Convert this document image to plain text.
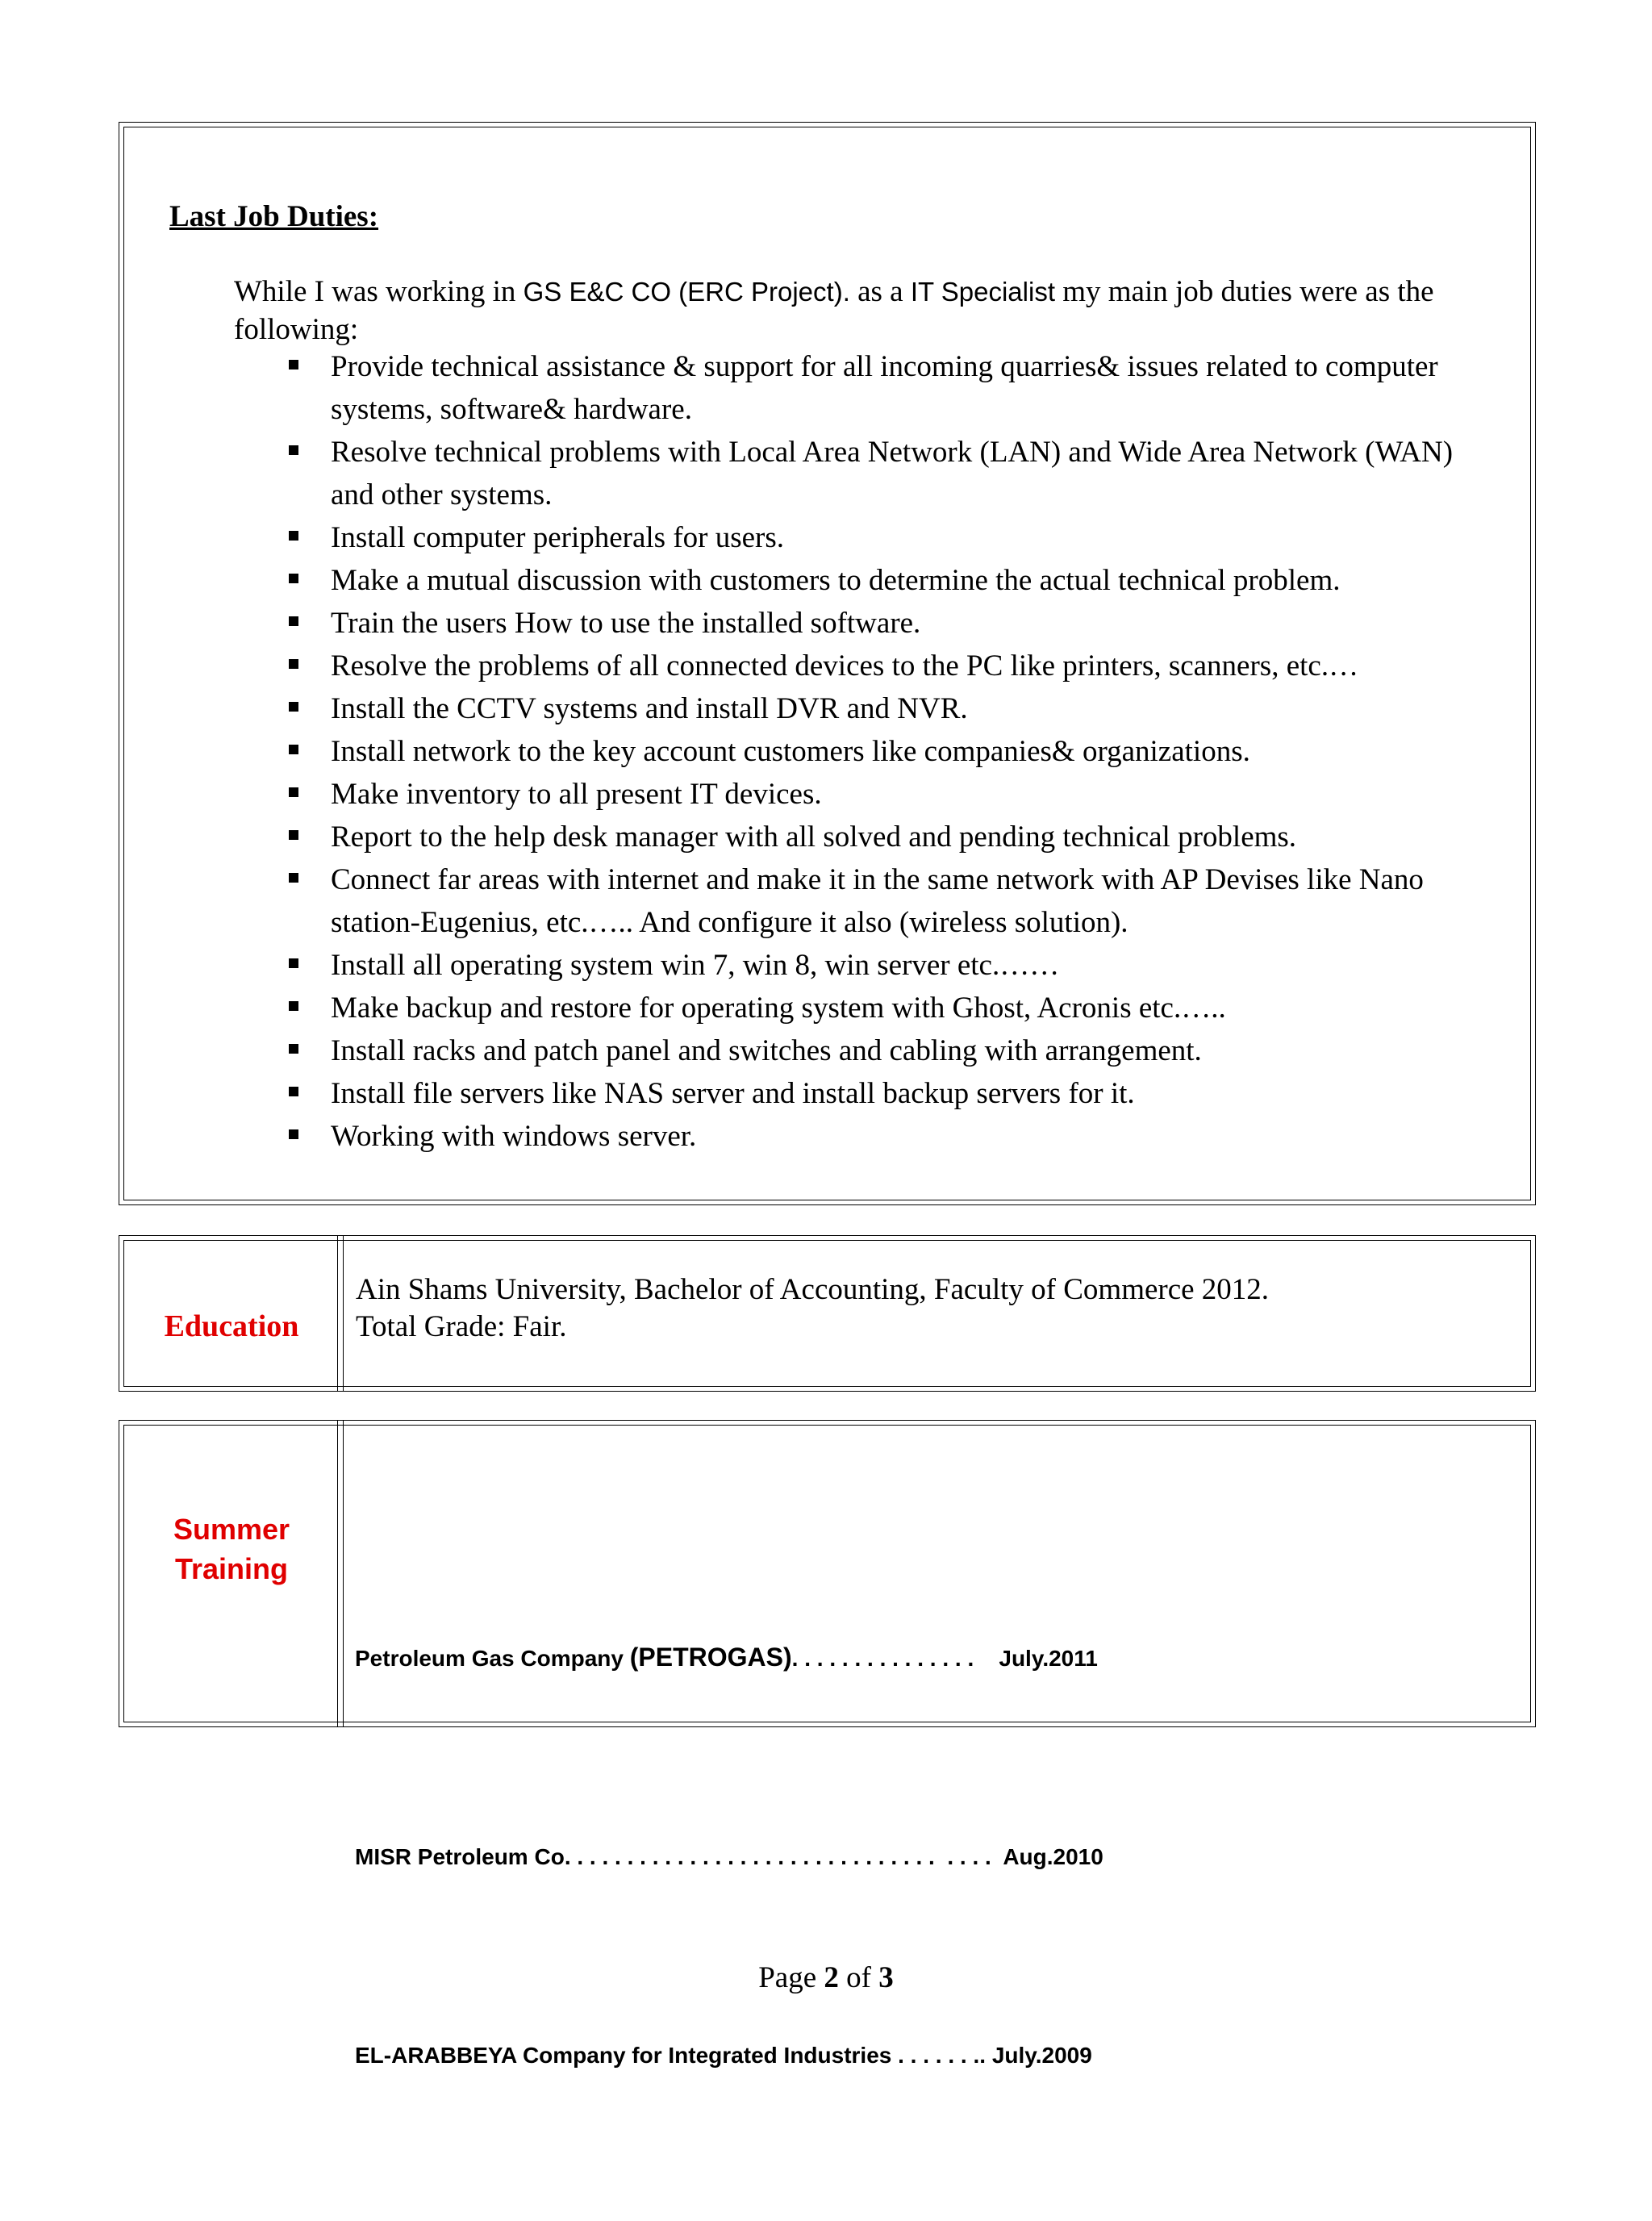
Last Job Duties:

While I was working in GS E&C CO (ERC Project). as a IT Specialist my main job duties were as the following:

Provide technical assistance & support for all incoming quarries& issues related to computer systems, software& hardware.
Resolve technical problems with Local Area Network (LAN) and Wide Area Network (WAN) and other systems.
Install computer peripherals for users.
Make a mutual discussion with customers to determine the actual technical problem.
Train the users How to use the installed software.
Resolve the problems of all connected devices to the PC like printers, scanners, etc.…
Install the CCTV systems and install DVR and NVR.
Install network to the key account customers like companies& organizations.
Make inventory to all present IT devices.
Report to the help desk manager with all solved and pending technical problems.
Connect far areas with internet and make it in the same network with AP Devises like Nano station-Eugenius, etc.….. And configure it also (wireless solution).
Install all operating system win 7, win 8, win server etc.……
Make backup and restore for operating system with Ghost, Acronis etc.…..
Install racks and patch panel and switches and cabling with arrangement.
Install file servers like NAS server and install backup servers for it.
Working with windows server.

Education

Ain Shams University, Bachelor of Accounting, Faculty of Commerce 2012.
Total Grade: Fair.

Summer
Training

Petroleum Gas Company (PETROGAS). . . . . . . . . . . . . . .    July.2011

MISR Petroleum Co. . . . . . . . . . . . . . . . . . . . . . . . . . . . . .  . . . .  Aug.2010

EL-ARABBEYA Company for Integrated Industries . . . . . . .. July.2009

Page 2 of 3
